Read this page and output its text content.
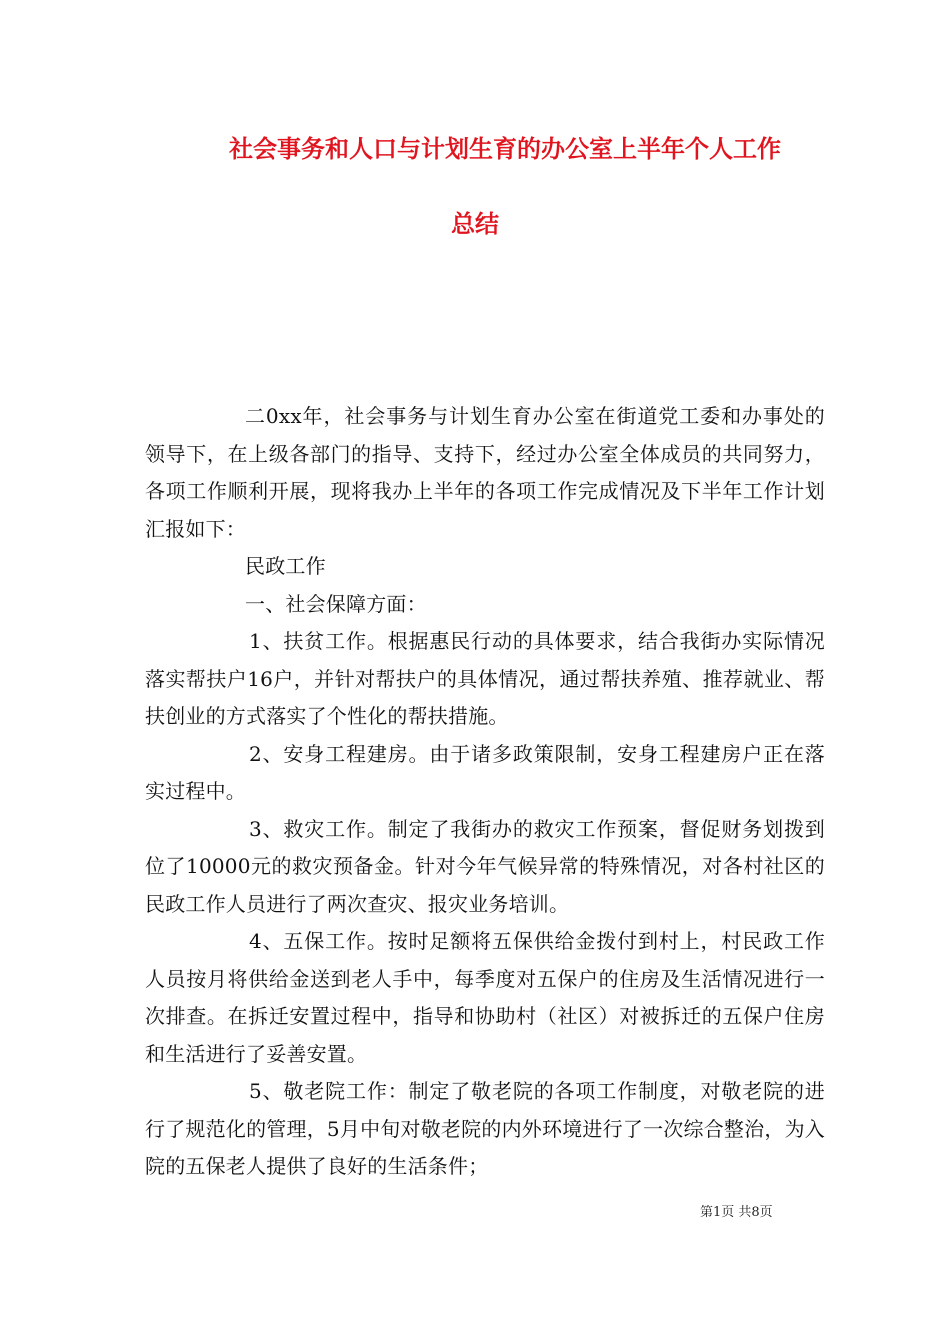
社会事务和人口与计划生育的办公室上半年个人工作
总结

二0xx年，社会事务与计划生育办公室在街道党工委和办事处的领导下，在上级各部门的指导、支持下，经过办公室全体成员的共同努力，各项工作顺利开展，现将我办上半年的各项工作完成情况及下半年工作计划汇报如下：

民政工作

一、社会保障方面：

1、扶贫工作。根据惠民行动的具体要求，结合我街办实际情况落实帮扶户16户，并针对帮扶户的具体情况，通过帮扶养殖、推荐就业、帮扶创业的方式落实了个性化的帮扶措施。

2、安身工程建房。由于诸多政策限制，安身工程建房户正在落实过程中。

3、救灾工作。制定了我街办的救灾工作预案，督促财务划拨到位了10000元的救灾预备金。针对今年气候异常的特殊情况，对各村社区的民政工作人员进行了两次查灾、报灾业务培训。

4、五保工作。按时足额将五保供给金拨付到村上，村民政工作人员按月将供给金送到老人手中，每季度对五保户的住房及生活情况进行一次排查。在拆迁安置过程中，指导和协助村（社区）对被拆迁的五保户住房和生活进行了妥善安置。

5、敬老院工作：制定了敬老院的各项工作制度，对敬老院的进行了规范化的管理，5月中旬对敬老院的内外环境进行了一次综合整治，为入院的五保老人提供了良好的生活条件；

第1页 共8页
